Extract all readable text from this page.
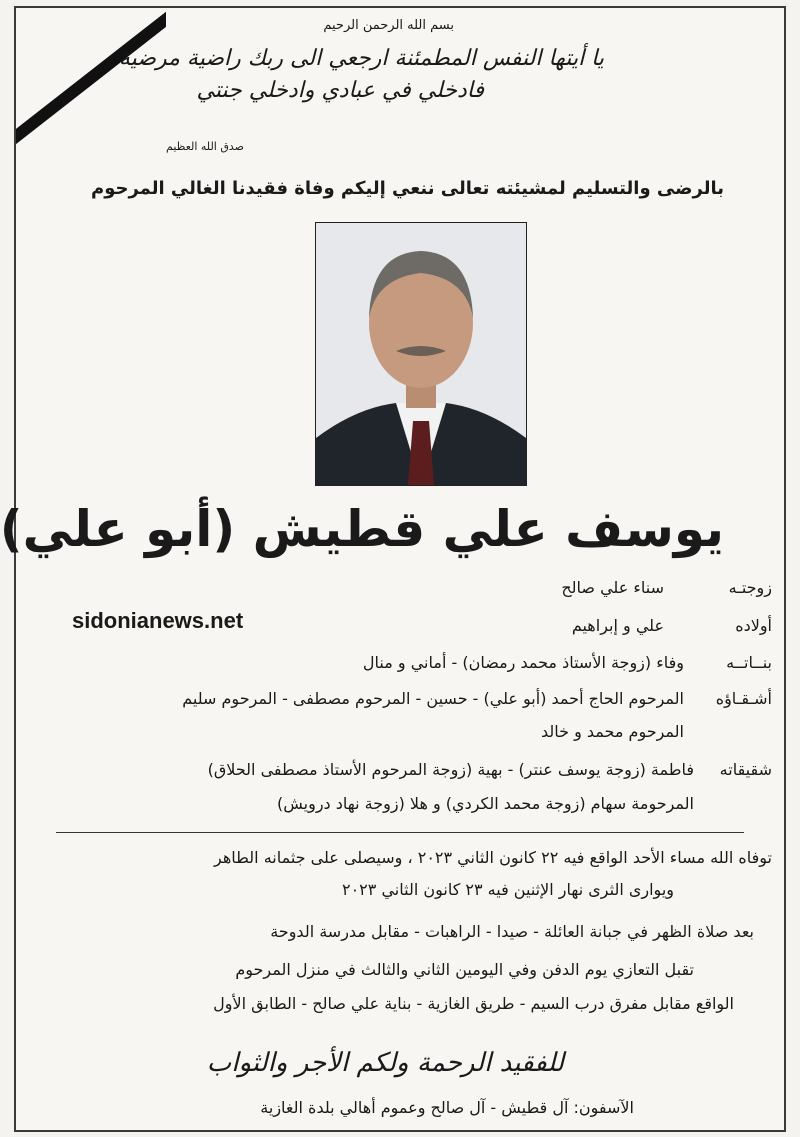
بسم الله الرحمن الرحيم
يا أيتها النفس المطمئنة ارجعي الى ربك راضية مرضية
فادخلي في عبادي وادخلي جنتي
صدق الله العظيم
بالرضى والتسليم لمشيئته تعالى ننعي إليكم وفاة فقيدنا الغالي المرحوم
يوسف علي قطيش (أبو علي)
زوجتـه
سناء علي صالح
أولاده
علي و إبراهيم
sidonianews.net
بنــاتــه
وفاء (زوجة الأستاذ محمد رمضان) - أماني و منال
أشـقـاؤه
المرحوم الحاج أحمد (أبو علي) - حسين - المرحوم مصطفى - المرحوم سليم
المرحوم محمد و خالد
شقيقاته
فاطمة (زوجة يوسف عنتر) - بهية (زوجة المرحوم الأستاذ مصطفى الحلاق)
المرحومة سهام (زوجة محمد الكردي) و هلا (زوجة نهاد درويش)
توفاه الله مساء الأحد الواقع فيه ٢٢ كانون الثاني ٢٠٢٣ ، وسيصلى على جثمانه الطاهر
ويوارى الثرى نهار الإثنين فيه ٢٣ كانون الثاني ٢٠٢٣
بعد صلاة الظهر في جبانة العائلة - صيدا - الراهبات - مقابل مدرسة الدوحة
تقبل التعازي يوم الدفن وفي اليومين الثاني والثالث في منزل المرحوم
الواقع مقابل مفرق درب السيم - طريق الغازية - بناية علي صالح - الطابق الأول
للفقيد الرحمة ولكم الأجر والثواب
الآسفون: آل قطيش - آل صالح وعموم أهالي بلدة الغازية
